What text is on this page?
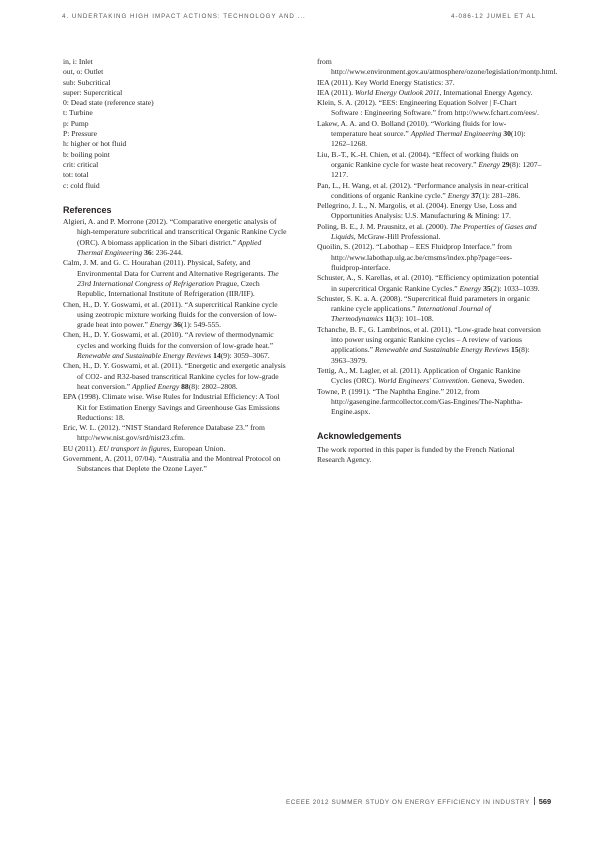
4. UNDERTAKING HIGH IMPACT ACTIONS: TECHNOLOGY AND ...	4-086-12 JUMEL ET AL

in, i: Inlet

out, o: Outlet

sub: Subcritical

super: Supercritical

0: Dead state (reference state)

t: Turbine

p: Pump

P: Pressure

h: higher or hot fluid

b: boiling point

crit: critical

tot: total

c: cold fluid

References

Algieri, A. and P. Morrone (2012). “Comparative energetic analysis of high-temperature subcritical and transcritical Organic Rankine Cycle (ORC). A biomass application in the Sibari district.” Applied Thermal Engineering 36: 236-244.

Calm, J. M. and G. C. Hourahan (2011). Physical, Safety, and Environmental Data for Current and Alternative Regrigerants. The 23rd International Congress of Refrigeration Prague, Czech Republic, International Institute of Refrigeration (IIR/IIF).

Chen, H., D. Y. Goswami, et al. (2011). “A supercritical Rankine cycle using zeotropic mixture working fluids for the conversion of low-grade heat into power.” Energy 36(1): 549-555.

Chen, H., D. Y. Goswami, et al. (2010). “A review of thermodynamic cycles and working fluids for the conversion of low-grade heat.” Renewable and Sustainable Energy Reviews 14(9): 3059–3067.

Chen, H., D. Y. Goswami, et al. (2011). “Energetic and exergetic analysis of CO2- and R32-based transcritical Rankine cycles for low-grade heat conversion.” Applied Energy 88(8): 2802–2808.

EPA (1998). Climate wise. Wise Rules for Industrial Efficiency: A Tool Kit for Estimation Energy Savings and Greenhouse Gas Emissions Reductions: 18.

Eric, W. L. (2012). “NIST Standard Reference Database 23.” from http://www.nist.gov/srd/nist23.cfm.

EU (2011). EU transport in figures, European Union.

Government, A. (2011, 07/04). “Australia and the Montreal Protocol on Substances that Deplete the Ozone Layer.”

from http://www.environment.gov.au/atmosphere/ozone/legislation/montp.html.

IEA (2011). Key World Energy Statistics: 37.

IEA (2011). World Energy Outlook 2011, International Energy Agency.

Klein, S. A. (2012). “EES: Engineering Equation Solver | F-Chart Software : Engineering Software.” from http://www.fchart.com/ees/.

Lakew, A. A. and O. Bolland (2010). “Working fluids for low-temperature heat source.” Applied Thermal Engineering 30(10): 1262–1268.

Liu, B.-T., K.-H. Chien, et al. (2004). “Effect of working fluids on organic Rankine cycle for waste heat recovery.” Energy 29(8): 1207–1217.

Pan, L., H. Wang, et al. (2012). “Performance analysis in near-critical conditions of organic Rankine cycle.” Energy 37(1): 281–286.

Pellegrino, J. L., N. Margolis, et al. (2004). Energy Use, Loss and Opportunities Analysis: U.S. Manufacturing & Mining: 17.

Poling, B. E., J. M. Prausnitz, et al. (2000). The Properties of Gases and Liquids, McGraw-Hill Professional.

Quoilin, S. (2012). “Labothap – EES Fluidprop Interface.” from http://www.labothap.ulg.ac.be/cmsms/index.php?page=ees-fluidprop-interface.

Schuster, A., S. Karellas, et al. (2010). “Efficiency optimization potential in supercritical Organic Rankine Cycles.” Energy 35(2): 1033–1039.

Schuster, S. K. a. A. (2008). “Supercritical fluid parameters in organic rankine cycle applications.” International Journal of Thermodynamics 11(3): 101–108.

Tchanche, B. F., G. Lambrinos, et al. (2011). “Low-grade heat conversion into power using organic Rankine cycles – A review of various applications.” Renewable and Sustainable Energy Reviews 15(8): 3963–3979.

Tettig, A., M. Lagler, et al. (2011). Application of Organic Rankine Cycles (ORC). World Engineers' Convention. Geneva, Sweden.

Towne, P. (1991). “The Naphtha Engine.” 2012, from http://gasengine.farmcollector.com/Gas-Engines/The-Naphtha-Engine.aspx.

Acknowledgements

The work reported in this paper is funded by the French National Research Agency.

ECEEE 2012 SUMMER STUDY ON ENERGY EFFICIENCY IN INDUSTRY 569
